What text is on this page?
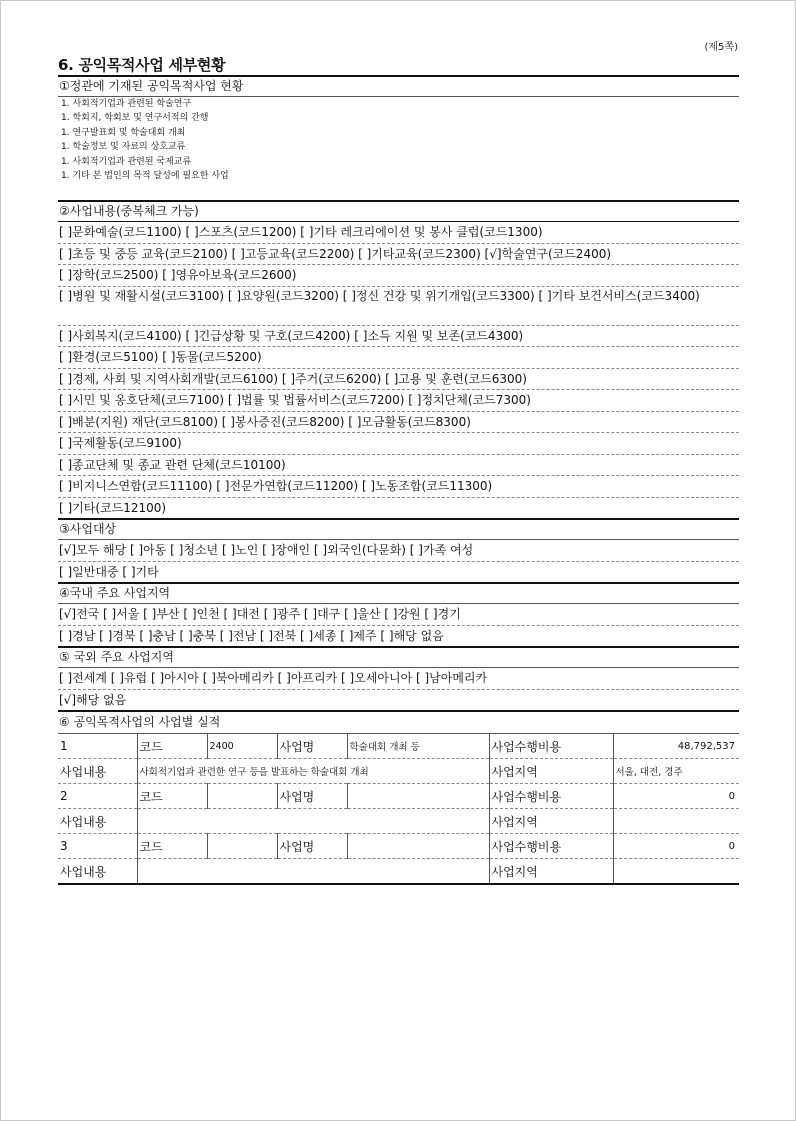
(제5쪽)
6. 공익목적사업 세부현황
①정관에 기재된 공익목적사업 현황
1. 사회적기업과 관련된 학술연구
1. 학회지, 학회보 및 연구서적의 간행
1. 연구발표회 및 학술대회 개최
1. 학술정보 및 자료의 상호교류
1. 사회적기업과 관련된 국제교류
1. 기타 본 법인의 목적 달성에 필요한 사업
②사업내용(중복체크 가능)
[ ]문화예술(코드1100) [ ]스포츠(코드1200) [ ]기타 레크리에이션 및 봉사 클럽(코드1300)
[ ]초등 및 중등 교육(코드2100) [ ]고등교육(코드2200) [ ]기타교육(코드2300) [√]학술연구(코드2400)
[ ]장학(코드2500) [ ]영유아보육(코드2600)
[ ]병원 및 재활시설(코드3100) [ ]요양원(코드3200) [ ]정신 건강 및 위기개입(코드3300) [ ]기타 보건서비스(코드3400)
[ ]사회복지(코드4100) [ ]긴급상황 및 구호(코드4200) [ ]소득 지원 및 보존(코드4300)
[ ]환경(코드5100) [ ]동물(코드5200)
[ ]경제, 사회 및 지역사회개발(코드6100) [ ]주거(코드6200) [ ]고용 및 훈련(코드6300)
[ ]시민 및 옹호단체(코드7100) [ ]법률 및 법률서비스(코드7200) [ ]정치단체(코드7300)
[ ]배분(지원) 재단(코드8100) [ ]봉사증진(코드8200) [ ]모금활동(코드8300)
[ ]국제활동(코드9100)
[ ]종교단체 및 종교 관련 단체(코드10100)
[ ]비지니스연합(코드11100) [ ]전문가연합(코드11200) [ ]노동조합(코드11300)
[ ]기타(코드12100)
③사업대상
[√]모두 해당 [ ]아동 [ ]청소년 [ ]노인 [ ]장애인 [ ]외국인(다문화) [ ]가족 여성
[ ]일반대중 [ ]기타
④국내 주요 사업지역
[√]전국 [ ]서울 [ ]부산 [ ]인천 [ ]대전 [ ]광주 [ ]대구 [ ]울산 [ ]강원 [ ]경기
[ ]경남 [ ]경북 [ ]충남 [ ]충북 [ ]전남 [ ]전북 [ ]세종 [ ]제주 [ ]해당 없음
⑤ 국외 주요 사업지역
[ ]전세계 [ ]유럽 [ ]아시아 [ ]북아메리카 [ ]아프리카 [ ]오세아니아 [ ]남아메리카
[√]해당 없음
⑥ 공익목적사업의 사업별 실적
1	코드	2400	사업명	학술대회 개최 등	사업수행비용	48,792,537
사업내용	사회적기업과 관련한 연구 등을 발표하는 학술대회 개최				사업지역	서울, 대전, 경주
2	코드		사업명		사업수행비용	0
사업내용					사업지역	
3	코드		사업명		사업수행비용	0
사업내용					사업지역	
